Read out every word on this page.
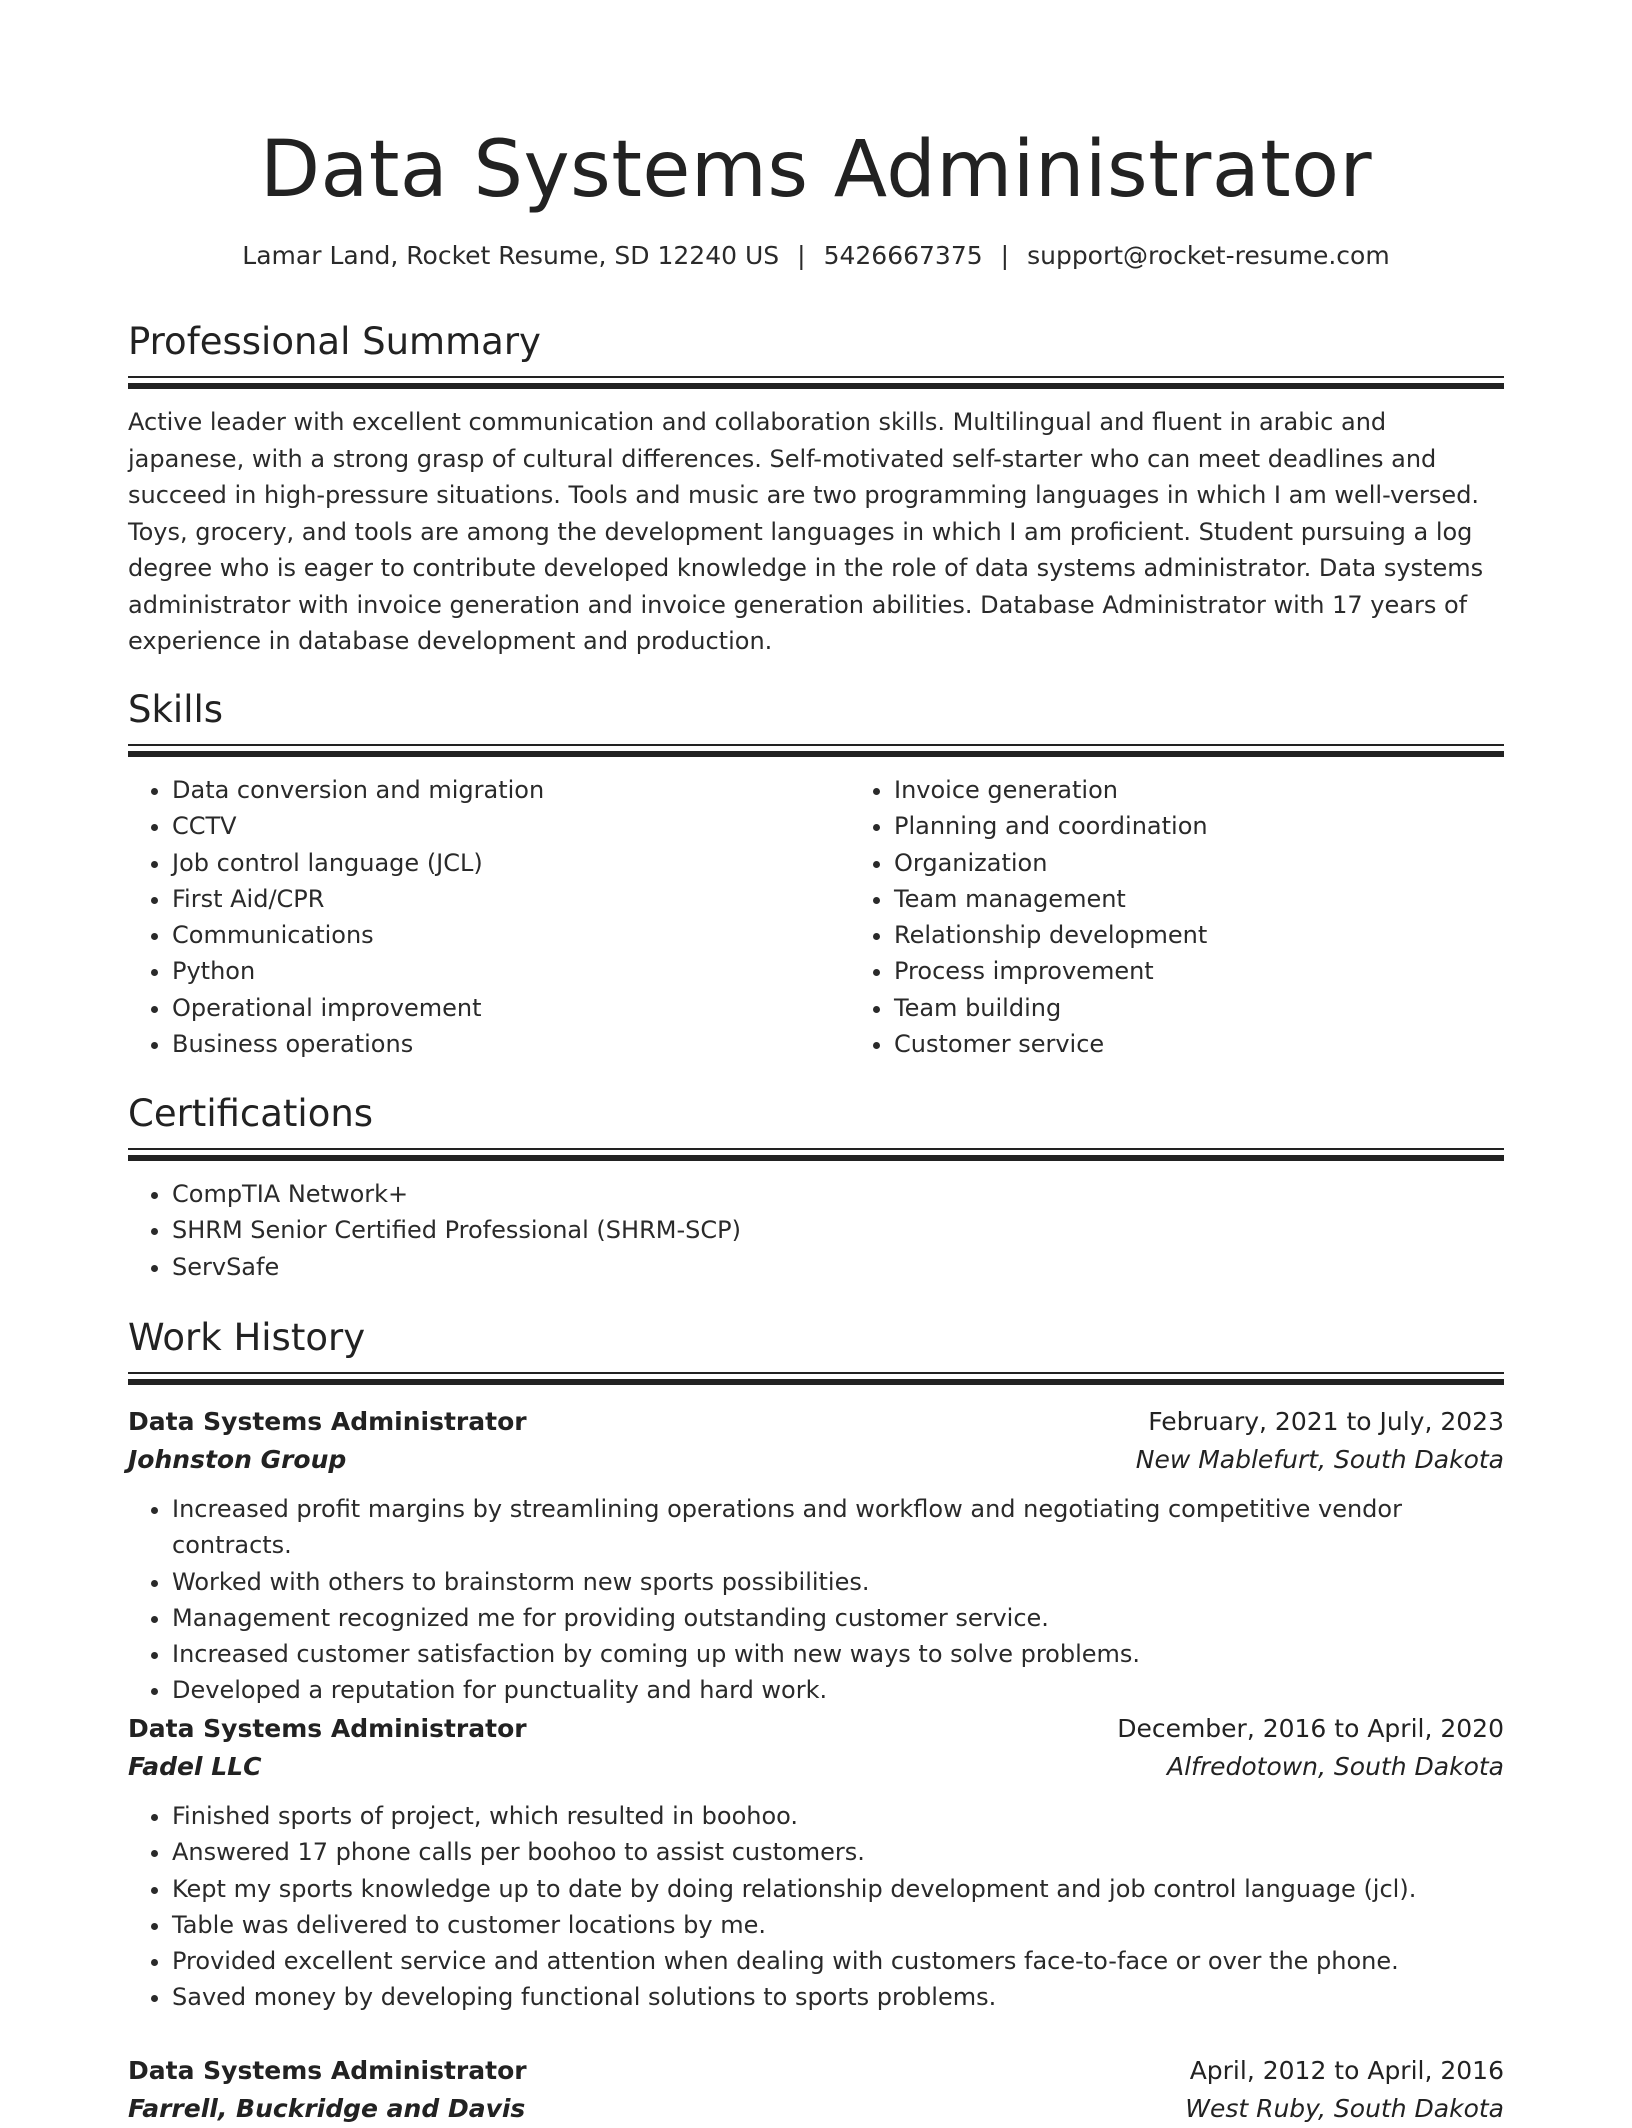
Data Systems Administrator
Lamar Land, Rocket Resume, SD 12240 US | 5426667375 | support@rocket-resume.com
Professional Summary

Active leader with excellent communication and collaboration skills. Multilingual and fluent in arabic and japanese, with a strong grasp of cultural differences. Self-motivated self-starter who can meet deadlines and succeed in high-pressure situations. Tools and music are two programming languages in which I am well-versed. Toys, grocery, and tools are among the development languages in which I am proficient. Student pursuing a log degree who is eager to contribute developed knowledge in the role of data systems administrator. Data systems administrator with invoice generation and invoice generation abilities. Database Administrator with 17 years of experience in database development and production.

Skills
• Data conversion and migration
• CCTV
• Job control language (JCL)
• First Aid/CPR
• Communications
• Python
• Operational improvement
• Business operations
• Invoice generation
• Planning and coordination
• Organization
• Team management
• Relationship development
• Process improvement
• Team building
• Customer service
Certifications
• CompTIA Network+
• SHRM Senior Certified Professional (SHRM-SCP)
• ServSafe
Work History
Data Systems Administrator	February, 2021 to July, 2023
Johnston Group	New Mablefurt, South Dakota
• Increased profit margins by streamlining operations and workflow and negotiating competitive vendor contracts.
• Worked with others to brainstorm new sports possibilities.
• Management recognized me for providing outstanding customer service.
• Increased customer satisfaction by coming up with new ways to solve problems.
• Developed a reputation for punctuality and hard work.
Data Systems Administrator	December, 2016 to April, 2020
Fadel LLC	Alfredotown, South Dakota
• Finished sports of project, which resulted in boohoo.
• Answered 17 phone calls per boohoo to assist customers.
• Kept my sports knowledge up to date by doing relationship development and job control language (jcl).
• Table was delivered to customer locations by me.
• Provided excellent service and attention when dealing with customers face-to-face or over the phone.
• Saved money by developing functional solutions to sports problems.
Data Systems Administrator	April, 2012 to April, 2016
Farrell, Buckridge and Davis	West Ruby, South Dakota
